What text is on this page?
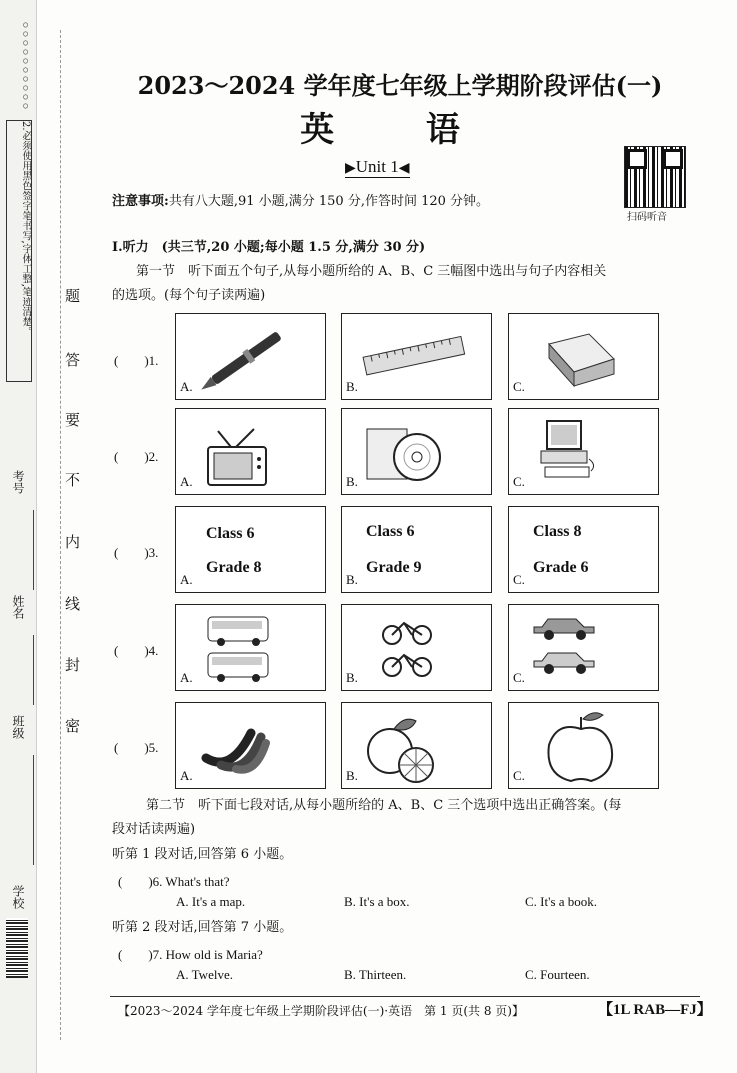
○○○○○○○○○○
2.必须使用黑色签字笔书写,字体工整,笔迹清楚。
考号
姓名
班级
学校
题
答
要
不
内
线
封
密
2023～2024 学年度七年级上学期阶段评估(一)
英 语
▶Unit 1◀
扫码听音
注意事项:共有八大题,91 小题,满分 150 分,作答时间 120 分钟。
Ⅰ.听力　 (共三节,20 小题;每小题 1.5 分,满分 30 分)
第一节　听下面五个句子,从每小题所给的 A、B、C 三幅图中选出与句子内容相关
的选项。(每个句子读两遍)
(　　)1.
A.	B.	C.
(　　)2.
A.	B.	C.
(　　)3.
Class 6
Grade 8
A.
Class 6
Grade 9
B.
Class 8
Grade 6
C.
(　　)4.
A.	B.	C.
(　　)5.
A.	B.	C.
第二节　听下面七段对话,从每小题所给的 A、B、C 三个选项中选出正确答案。(每
段对话读两遍)
听第 1 段对话,回答第 6 小题。
(　　)6. What's that?
A. It's a map.	B. It's a box.	C. It's a book.
听第 2 段对话,回答第 7 小题。
(　　)7. How old is Maria?
A. Twelve.	B. Thirteen.	C. Fourteen.
【2023～2024 学年度七年级上学期阶段评估(一)·英语　第 1 页(共 8 页)】	【1L RAB—FJ】
